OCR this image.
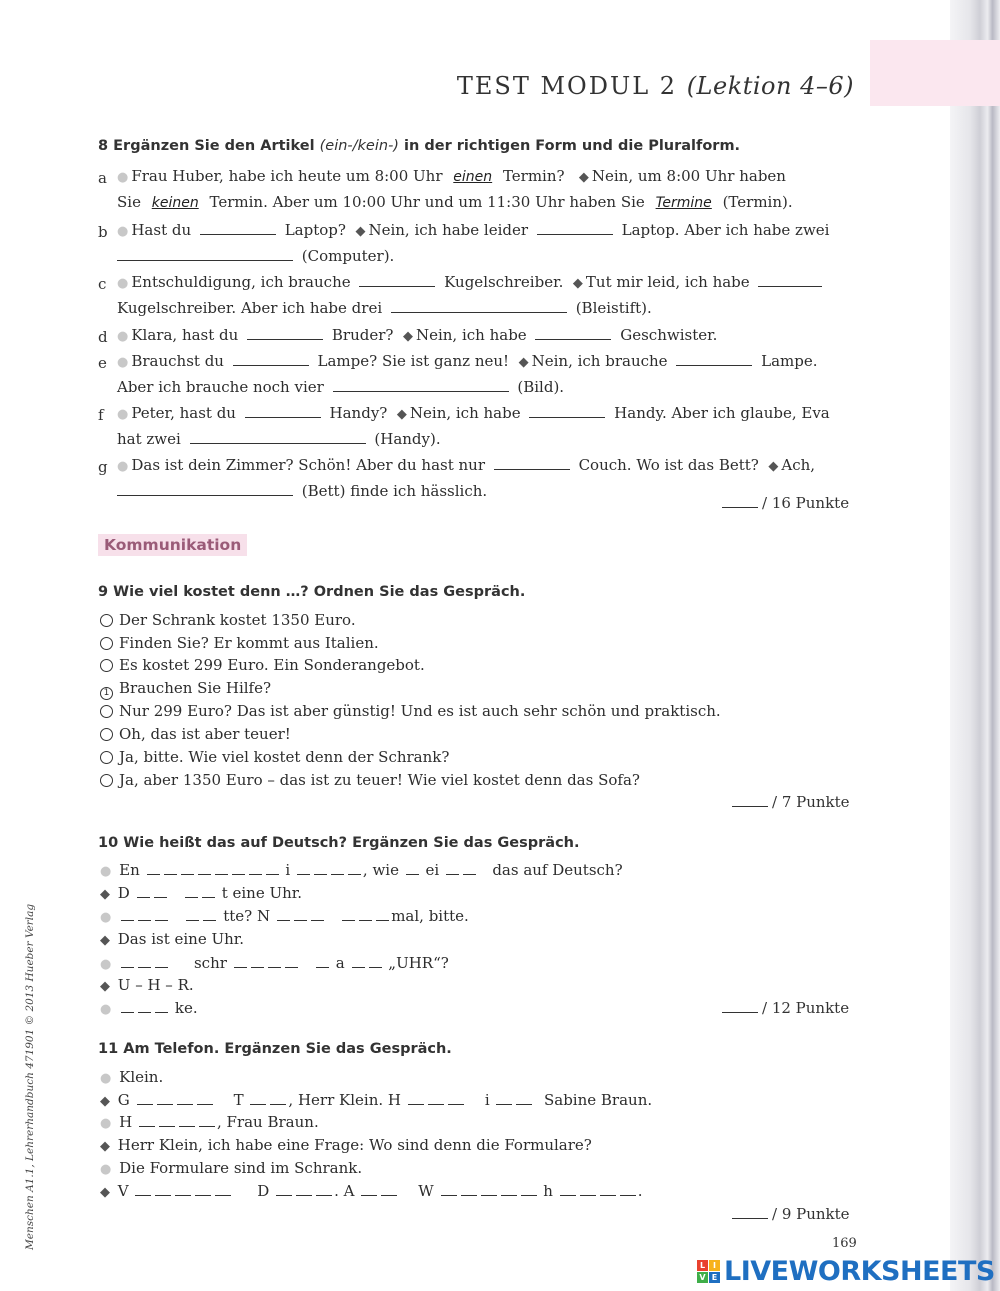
TEST MODUL 2 (Lektion 4–6)
8 Ergänzen Sie den Artikel (ein-/kein-) in der richtigen Form und die Pluralform.
a ● Frau Huber, habe ich heute um 8:00 Uhr einen Termin? ◆ Nein, um 8:00 Uhr haben
Sie keinen Termin. Aber um 10:00 Uhr und um 11:30 Uhr haben Sie Termine (Termin).
b ● Hast du	Laptop? ◆ Nein, ich habe leider	Laptop. Aber ich habe zwei
(Computer).
c ● Entschuldigung, ich brauche	Kugelschreiber. ◆ Tut mir leid, ich habe
Kugelschreiber. Aber ich habe drei	(Bleistift).
d ● Klara, hast du	Bruder? ◆ Nein, ich habe	Geschwister.
e ● Brauchst du	Lampe? Sie ist ganz neu! ◆ Nein, ich brauche	Lampe.
Aber ich brauche noch vier	(Bild).
f ● Peter, hast du	Handy? ◆ Nein, ich habe	Handy. Aber ich glaube, Eva
hat zwei	(Handy).
g ● Das ist dein Zimmer? Schön! Aber du hast nur	Couch. Wo ist das Bett? ◆ Ach,
(Bett) finde ich hässlich.
/ 16 Punkte
Kommunikation
9 Wie viel kostet denn …? Ordnen Sie das Gespräch.
Der Schrank kostet 1350 Euro.
Finden Sie? Er kommt aus Italien.
Es kostet 299 Euro. Ein Sonderangebot.
1 Brauchen Sie Hilfe?
Nur 299 Euro? Das ist aber günstig! Und es ist auch sehr schön und praktisch.
Oh, das ist aber teuer!
Ja, bitte. Wie viel kostet denn der Schrank?
Ja, aber 1350 Euro – das ist zu teuer! Wie viel kostet denn das Sofa?
/ 7 Punkte
10 Wie heißt das auf Deutsch? Ergänzen Sie das Gespräch.
● En	i	, wie ei	das auf Deutsch?
◆ D	t eine Uhr.
●	tte? N	mal, bitte.
◆ Das ist eine Uhr.
●	schr	a	„UHR“?
◆ U – H – R.
●	ke.	/ 12 Punkte
11 Am Telefon. Ergänzen Sie das Gespräch.
● Klein.
◆ G	T	, Herr Klein. H	i	Sabine Braun.
● H	, Frau Braun.
◆ Herr Klein, ich habe eine Frage: Wo sind denn die Formulare?
● Die Formulare sind im Schrank.
◆ V	D	. A	W	h	.
/ 9 Punkte
169
Menschen A1.1, Lehrerhandbuch 471901 © 2013 Hueber Verlag
L I
V E LIVEWORKSHEETS
